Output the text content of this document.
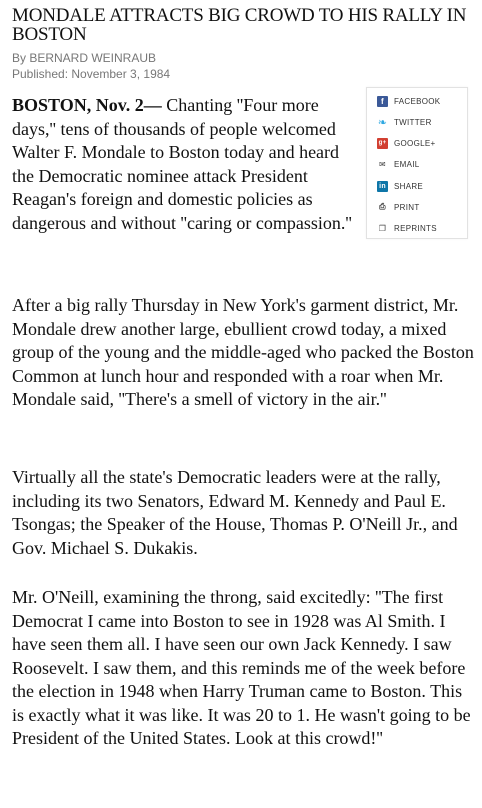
MONDALE ATTRACTS BIG CROWD TO HIS RALLY IN BOSTON
By BERNARD WEINRAUB
Published: November 3, 1984
f	FACEBOOK
❧ TWITTER
g+ GOOGLE+
✉ EMAIL
in SHARE
⎙ PRINT
❐ REPRINTS

BOSTON, Nov. 2— Chanting ''Four more days,'' tens of thousands of people welcomed Walter F. Mondale to Boston today and heard the Democratic nominee attack President Reagan's foreign and domestic policies as dangerous and without ''caring or compassion.''

After a big rally Thursday in New York's garment district, Mr. Mondale drew another large, ebullient crowd today, a mixed group of the young and the middle-aged who packed the Boston Common at lunch hour and responded with a roar when Mr. Mondale said, ''There's a smell of victory in the air.''

Virtually all the state's Democratic leaders were at the rally, including its two Senators, Edward M. Kennedy and Paul E. Tsongas; the Speaker of the House, Thomas P. O'Neill Jr., and Gov. Michael S. Dukakis.

Mr. O'Neill, examining the throng, said excitedly: ''The first Democrat I came into Boston to see in 1928 was Al Smith. I have seen them all. I have seen our own Jack Kennedy. I saw Roosevelt. I saw them, and this reminds me of the week before the election in 1948 when Harry Truman came to Boston. This is exactly what it was like. It was 20 to 1. He wasn't going to be President of the United States. Look at this crowd!''
